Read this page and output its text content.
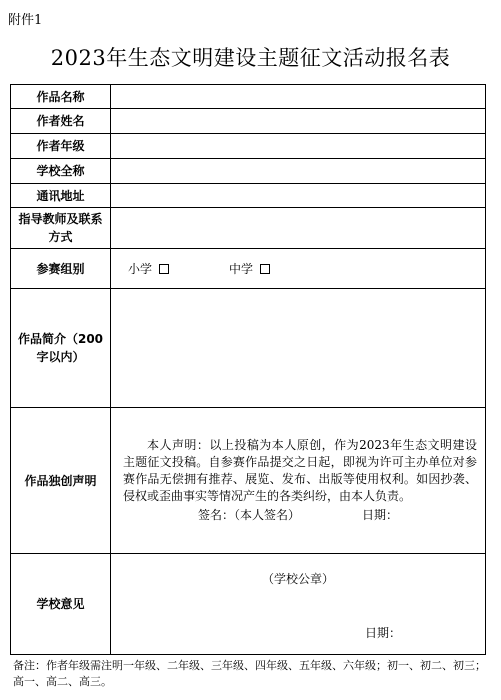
附件1
2023年生态文明建设主题征文活动报名表
作品名称	
作者姓名	
作者年级	
学校全称	
通讯地址	
指导教师及联系方式	
参赛组别	小学 中学

作品简介（200字以内）	
作品独创声明	本人声明：以上投稿为本人原创，作为2023年生态文明建设主题征文投稿。自参赛作品提交之日起，即视为许可主办单位对参赛作品无偿拥有推荐、展览、发布、出版等使用权利。如因抄袭、侵权或歪曲事实等情况产生的各类纠纷，由本人负责。
签名：（本人签名） 日期：

学校意见	（学校公章）
日期：
备注：作者年级需注明一年级、二年级、三年级、四年级、五年级、六年级；初一、初二、初三；高一、高二、高三。
